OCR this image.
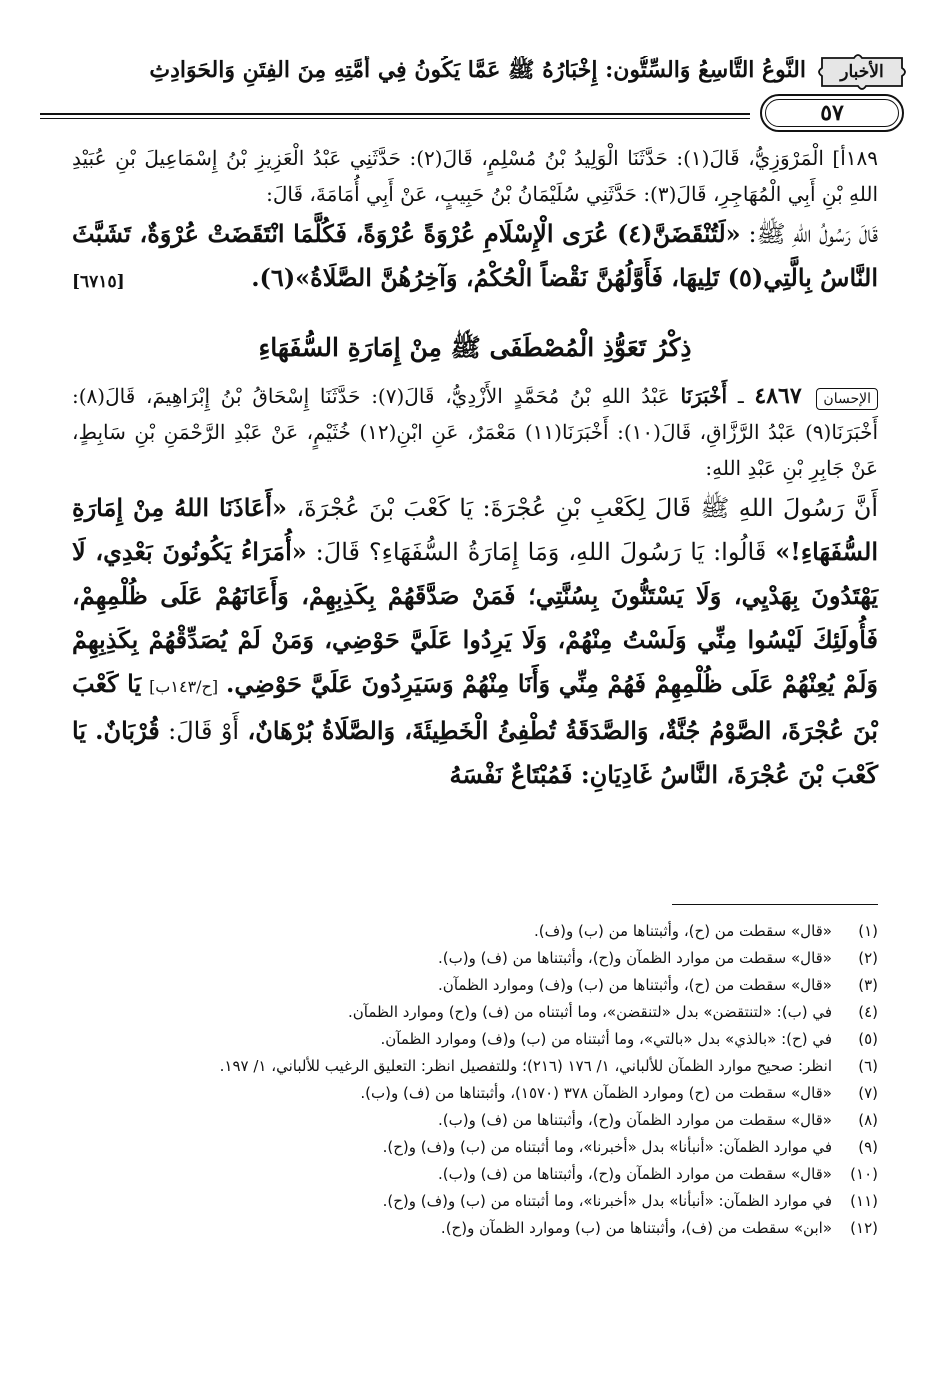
الأخبار
النَّوعُ التَّاسِعُ وَالسِّتُّون: إِخْبَارُهُ ﷺ عَمَّا يَكُونُ فِي أُمَّتِهِ مِنَ الفِتَنِ وَالحَوَادِثِ
٥٧

١٨٩أ] الْمَرْوَزِيُّ، قَالَ(١): حَدَّثَنَا الْوَلِيدُ بْنُ مُسْلِمٍ، قَالَ(٢): حَدَّثَنِي عَبْدُ الْعَزِيزِ بْنُ إِسْمَاعِيلَ بْنِ عُبَيْدِ اللهِ بْنِ أَبِي الْمُهَاجِرِ، قَالَ(٣): حَدَّثَنِي سُلَيْمَانُ بْنُ حَبِيبٍ، عَنْ أَبِي أُمَامَةَ، قَالَ:

قَالَ رَسُولُ اللهِ ﷺ: «لَتُنْقَضَنَّ(٤) عُرَى الْإِسْلَامِ عُرْوَةً عُرْوَةً، فَكُلَّمَا انْتَقَضَتْ عُرْوَةٌ، تَشَبَّثَ النَّاسُ بِالَّتِي(٥) تَلِيهَا، فَأَوَّلُهُنَّ نَقْضاً الْحُكْمُ، وَآخِرُهُنَّ الصَّلَاةُ»(٦).
[٦٧١٥]

ذِكْرُ تَعَوُّذِ الْمُصْطَفَى ﷺ مِنْ إِمَارَةِ السُّفَهَاءِ

الإحسان ٤٨٦٧ ـ أَخْبَرَنَا عَبْدُ اللهِ بْنُ مُحَمَّدٍ الأَزْدِيُّ، قَالَ(٧): حَدَّثَنَا إِسْحَاقُ بْنُ إِبْرَاهِيمَ، قَالَ(٨): أَخْبَرَنَا(٩) عَبْدُ الرَّزَّاقِ، قَالَ(١٠): أَخْبَرَنَا(١١) مَعْمَرٌ، عَنِ ابْنِ(١٢) خُثَيْمٍ، عَنْ عَبْدِ الرَّحْمَنِ بْنِ سَابِطٍ، عَنْ جَابِرِ بْنِ عَبْدِ اللهِ:

أَنَّ رَسُولَ اللهِ ﷺ قَالَ لِكَعْبِ بْنِ عُجْرَةَ: يَا كَعْبَ بْنَ عُجْرَةَ، «أَعَاذَنَا اللهُ مِنْ إِمَارَةِ السُّفَهَاءِ!» قَالُوا: يَا رَسُولَ اللهِ، وَمَا إِمَارَةُ السُّفَهَاءِ؟ قَالَ: «أُمَرَاءُ يَكُونُونَ بَعْدِي، لَا يَهْتَدُونَ بِهَدْيِي، وَلَا يَسْتَنُّونَ بِسُنَّتِي؛ فَمَنْ صَدَّقَهُمْ بِكَذِبِهِمْ، وَأَعَانَهُمْ عَلَى ظُلْمِهِمْ، فَأُولَئِكَ لَيْسُوا مِنِّي وَلَسْتُ مِنْهُمْ، وَلَا يَرِدُوا عَلَيَّ حَوْضِي، وَمَنْ لَمْ يُصَدِّقْهُمْ بِكَذِبِهِمْ وَلَمْ يُعِنْهُمْ عَلَى ظُلْمِهِمْ فَهُمْ مِنِّي وَأَنَا مِنْهُمْ وَسَيَرِدُونَ عَلَيَّ حَوْضِي. [ح/١٤٣ب] يَا كَعْبَ بْنَ عُجْرَةَ، الصَّوْمُ جُنَّةٌ، وَالصَّدَقَةُ تُطْفِئُ الْخَطِيئَةَ، وَالصَّلَاةُ بُرْهَانٌ، أَوْ قَالَ: قُرْبَانٌ. يَا كَعْبَ بْنَ عُجْرَةَ، النَّاسُ غَادِيَانِ: فَمُبْتَاعٌ نَفْسَهُ

(١)
«قال» سقطت من (ح)، وأثبتناها من (ب) و(ف).
(٢)
«قال» سقطت من موارد الظمآن و(ح)، وأثبتناها من (ف) و(ب).
(٣)
«قال» سقطت من (ح)، وأثبتناها من (ب) و(ف) وموارد الظمآن.
(٤)
في (ب): «لتنتقضن» بدل «لتنقضن»، وما أثبتناه من (ف) و(ح) وموارد الظمآن.
(٥)
في (ح): «بالذي» بدل «بالتي»، وما أثبتناه من (ب) و(ف) وموارد الظمآن.
(٦)
انظر: صحيح موارد الظمآن للألباني، ١/ ١٧٦ (٢١٦)؛ وللتفصيل انظر: التعليق الرغيب للألباني، ١/ ١٩٧.
(٧)
«قال» سقطت من (ح) وموارد الظمآن ٣٧٨ (١٥٧٠)، وأثبتناها من (ف) و(ب).
(٨)
«قال» سقطت من موارد الظمآن و(ح)، وأثبتناها من (ف) و(ب).
(٩)
في موارد الظمآن: «أنبأنا» بدل «أخبرنا»، وما أثبتناه من (ب) و(ف) و(ح).
(١٠)
«قال» سقطت من موارد الظمآن و(ح)، وأثبتناها من (ف) و(ب).
(١١)
في موارد الظمآن: «أنبأنا» بدل «أخبرنا»، وما أثبتناه من (ب) و(ف) و(ح).
(١٢)
«ابن» سقطت من (ف)، وأثبتناها من (ب) وموارد الظمآن و(ح).
